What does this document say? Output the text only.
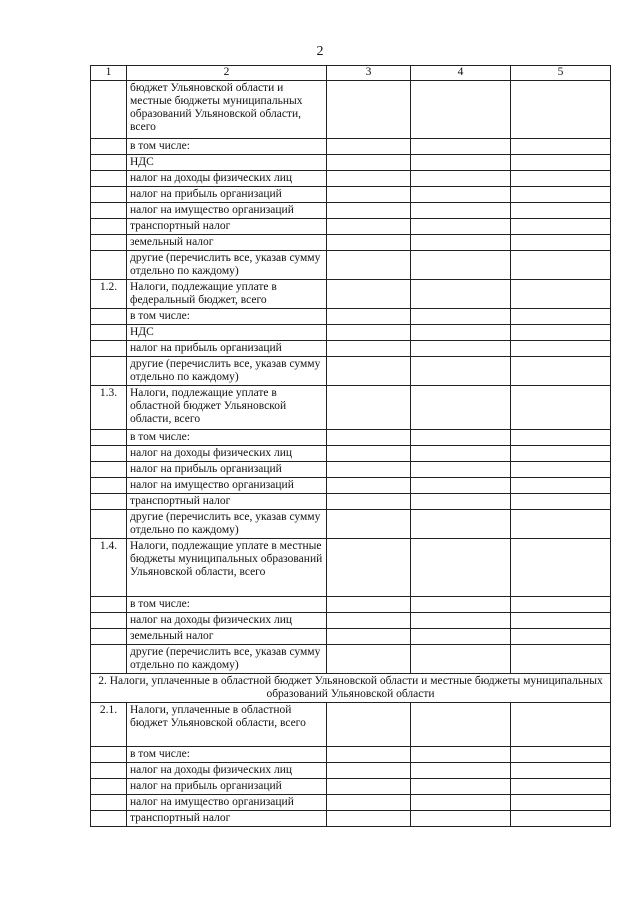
2
1	2	3	4	5
	бюджет Ульяновской области и местные бюджеты муниципальных образований Ульяновской области, всего			
	в том числе:			
	НДС			
	налог на доходы физических лиц			
	налог на прибыль организаций			
	налог на имущество организаций			
	транспортный налог			
	земельный налог			
	другие (перечислить все, указав сумму отдельно по каждому)			
1.2.	Налоги, подлежащие уплате в федеральный бюджет, всего			
	в том числе:			
	НДС			
	налог на прибыль организаций			
	другие (перечислить все, указав сумму отдельно по каждому)			
1.3.	Налоги, подлежащие уплате в областной бюджет Ульяновской области, всего			
	в том числе:			
	налог на доходы физических лиц			
	налог на прибыль организаций			
	налог на имущество организаций			
	транспортный налог			
	другие (перечислить все, указав сумму отдельно по каждому)			
1.4.	Налоги, подлежащие уплате в местные бюджеты муниципальных образований Ульяновской области, всего			
	в том числе:			
	налог на доходы физических лиц			
	земельный налог			
	другие (перечислить все, указав сумму отдельно по каждому)			
2. Налоги, уплаченные в областной бюджет Ульяновской области и местные бюджеты муниципальных образований Ульяновской области				
2.1.	Налоги, уплаченные в областной бюджет Ульяновской области, всего			
	в том числе:			
	налог на доходы физических лиц			
	налог на прибыль организаций			
	налог на имущество организаций			
	транспортный налог			
